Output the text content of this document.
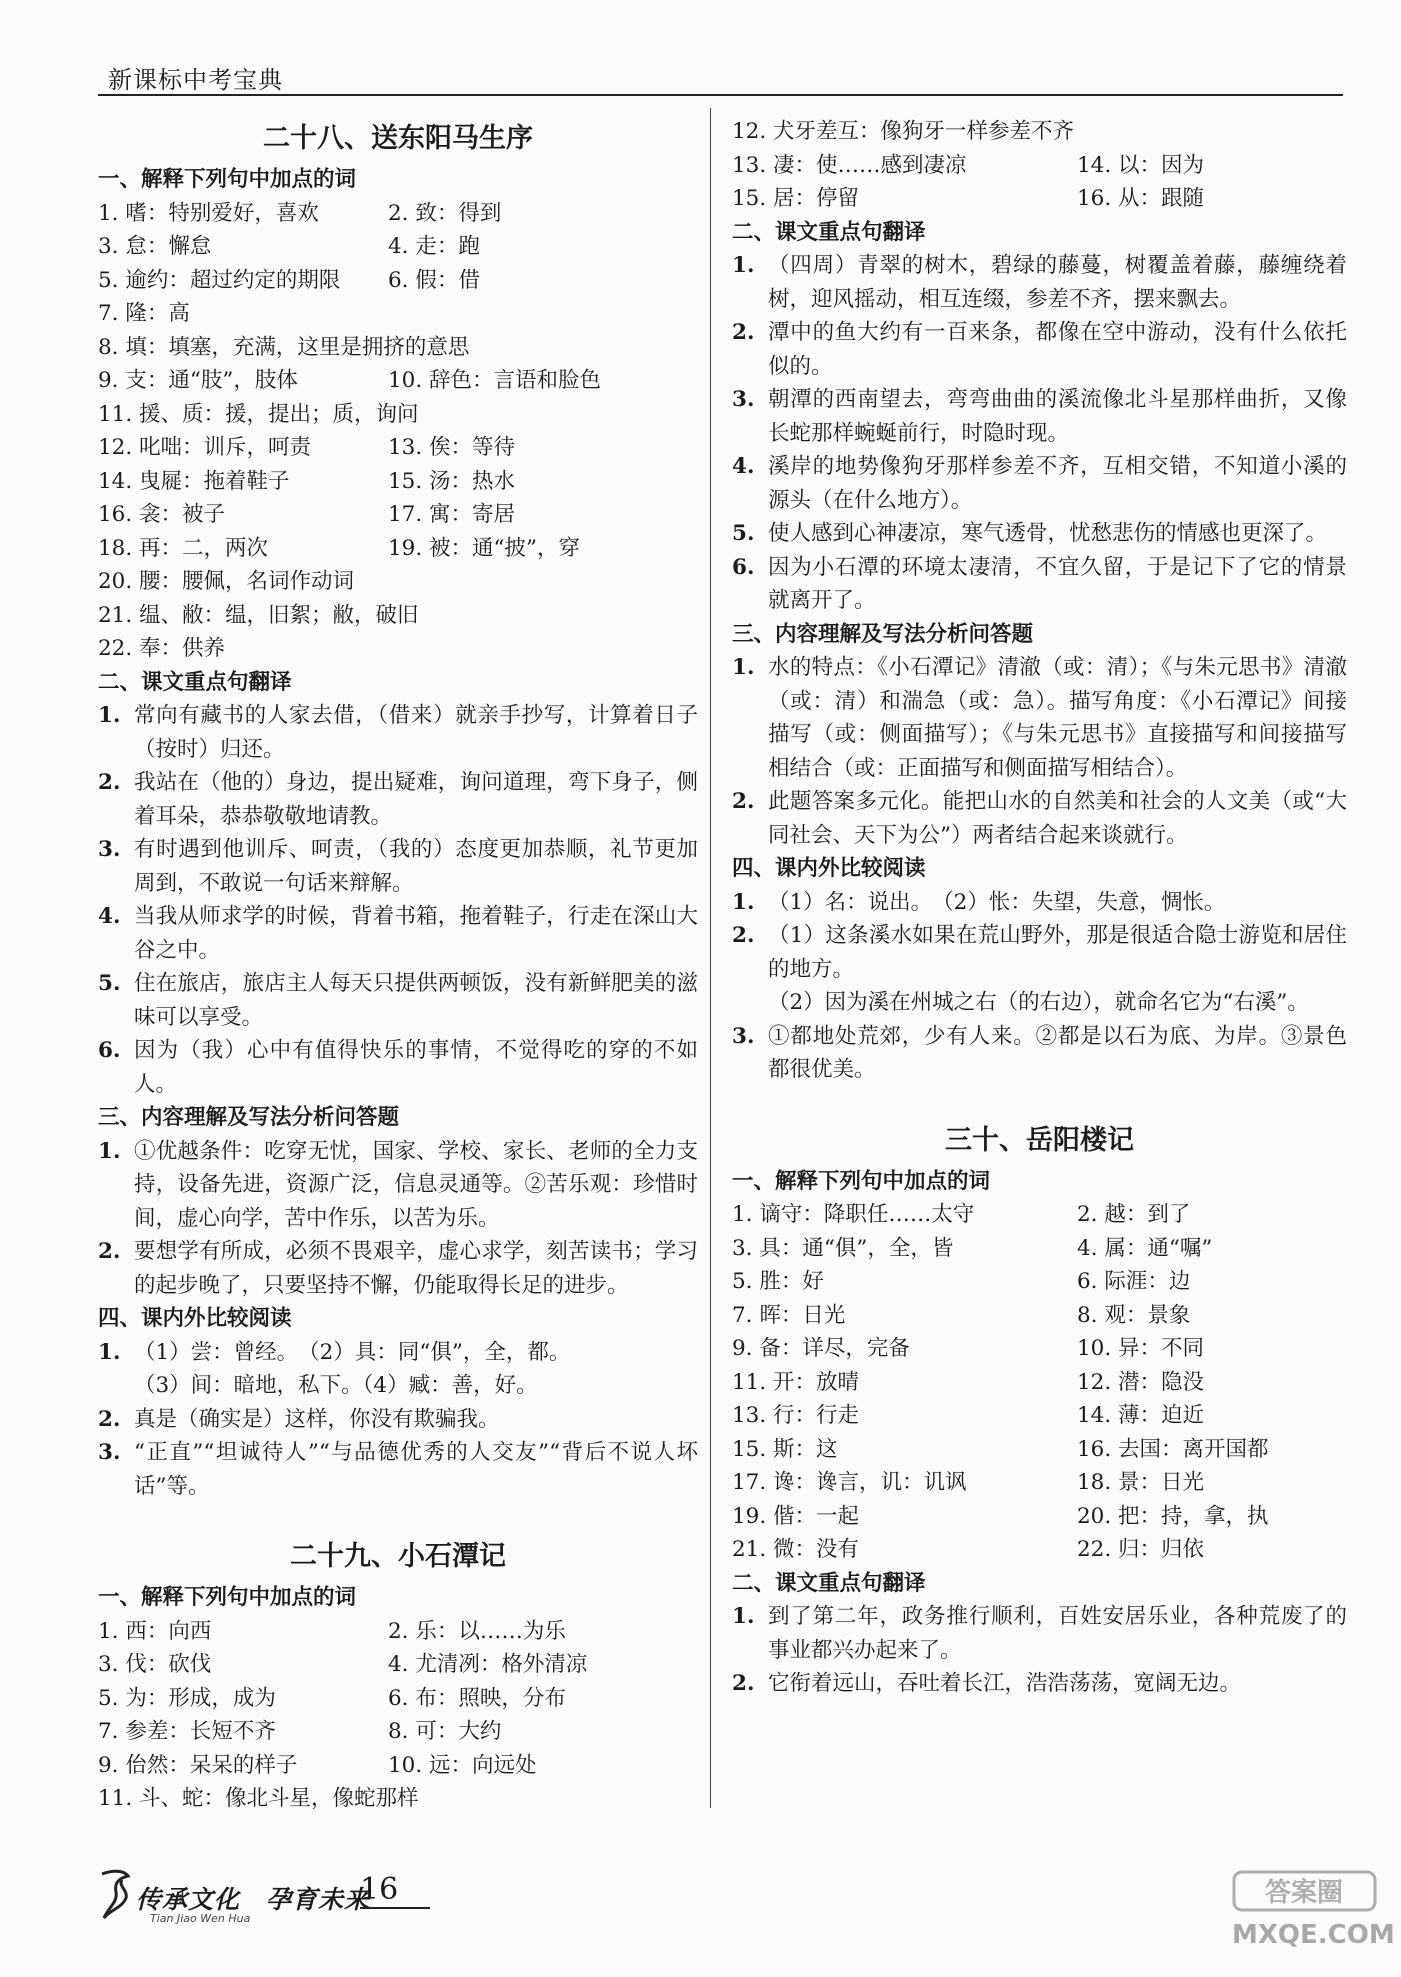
新课标中考宝典
二十八、送东阳马生序
一、解释下列句中加点的词
1. 嗜：特别爱好，喜欢	2. 致：得到
3. 怠：懈怠	4. 走：跑
5. 逾约：超过约定的期限	6. 假：借
7. 隆：高
8. 填：填塞，充满，这里是拥挤的意思
9. 支：通“肢”，肢体	10. 辞色：言语和脸色
11. 援、质：援，提出；质，询问
12. 叱咄：训斥，呵责	13. 俟：等待
14. 曳屣：拖着鞋子	15. 汤：热水
16. 衾：被子	17. 寓：寄居
18. 再：二，两次	19. 被：通“披”，穿
20. 腰：腰佩，名词作动词
21. 缊、敝：缊，旧絮；敝，破旧
22. 奉：供养
二、课文重点句翻译
1. 常向有藏书的人家去借，（借来）就亲手抄写，计算着日子（按时）归还。
2. 我站在（他的）身边，提出疑难，询问道理，弯下身子，侧着耳朵，恭恭敬敬地请教。
3. 有时遇到他训斥、呵责，（我的）态度更加恭顺，礼节更加周到，不敢说一句话来辩解。
4. 当我从师求学的时候，背着书箱，拖着鞋子，行走在深山大谷之中。
5. 住在旅店，旅店主人每天只提供两顿饭，没有新鲜肥美的滋味可以享受。
6. 因为（我）心中有值得快乐的事情，不觉得吃的穿的不如人。
三、内容理解及写法分析问答题
1. ①优越条件：吃穿无忧，国家、学校、家长、老师的全力支持，设备先进，资源广泛，信息灵通等。②苦乐观：珍惜时间，虚心向学，苦中作乐，以苦为乐。
2. 要想学有所成，必须不畏艰辛，虚心求学，刻苦读书；学习的起步晚了，只要坚持不懈，仍能取得长足的进步。
四、课内外比较阅读
1. （1）尝：曾经。　（2）具：同“俱”，全，都。
（3）间：暗地，私下。（4）臧：善，好。
2. 真是（确实是）这样，你没有欺骗我。
3. “正直”“坦诚待人”“与品德优秀的人交友”“背后不说人坏话”等。
二十九、小石潭记
一、解释下列句中加点的词
1. 西：向西	2. 乐：以……为乐
3. 伐：砍伐	4. 尤清冽：格外清凉
5. 为：形成，成为	6. 布：照映，分布
7. 参差：长短不齐	8. 可：大约
9. 佁然：呆呆的样子	10. 远：向远处
11. 斗、蛇：像北斗星，像蛇那样
12. 犬牙差互：像狗牙一样参差不齐
13. 凄：使……感到凄凉	14. 以：因为
15. 居：停留	16. 从：跟随
二、课文重点句翻译
1. （四周）青翠的树木，碧绿的藤蔓，树覆盖着藤，藤缠绕着树，迎风摇动，相互连缀，参差不齐，摆来飘去。
2. 潭中的鱼大约有一百来条，都像在空中游动，没有什么依托似的。
3. 朝潭的西南望去，弯弯曲曲的溪流像北斗星那样曲折，又像长蛇那样蜿蜒前行，时隐时现。
4. 溪岸的地势像狗牙那样参差不齐，互相交错，不知道小溪的源头（在什么地方）。
5. 使人感到心神凄凉，寒气透骨，忧愁悲伤的情感也更深了。
6. 因为小石潭的环境太凄清，不宜久留，于是记下了它的情景就离开了。
三、内容理解及写法分析问答题
1. 水的特点：《小石潭记》清澈（或：清）；《与朱元思书》清澈（或：清）和湍急（或：急）。描写角度：《小石潭记》间接描写（或：侧面描写）；《与朱元思书》直接描写和间接描写相结合（或：正面描写和侧面描写相结合）。
2. 此题答案多元化。能把山水的自然美和社会的人文美（或“大同社会、天下为公”）两者结合起来谈就行。
四、课内外比较阅读
1. （1）名：说出。　（2）怅：失望，失意，惆怅。
2. （1）这条溪水如果在荒山野外，那是很适合隐士游览和居住的地方。
（2）因为溪在州城之右（的右边），就命名它为“右溪”。
3. ①都地处荒郊，少有人来。②都是以石为底、为岸。③景色都很优美。
三十、岳阳楼记
一、解释下列句中加点的词
1. 谪守：降职任……太守	2. 越：到了
3. 具：通“俱”，全，皆	4. 属：通“嘱”
5. 胜：好	6. 际涯：边
7. 晖：日光	8. 观：景象
9. 备：详尽，完备	10. 异：不同
11. 开：放晴	12. 潜：隐没
13. 行：行走	14. 薄：迫近
15. 斯：这	16. 去国：离开国都
17. 谗：谗言，讥：讥讽	18. 景：日光
19. 偕：一起	20. 把：持，拿，执
21. 微：没有	22. 归：归依
二、课文重点句翻译
1. 到了第二年，政务推行顺利，百姓安居乐业，各种荒废了的事业都兴办起来了。
2. 它衔着远山，吞吐着长江，浩浩荡荡，宽阔无边。
传承文化　孕育未来
Tian Jiao Wen Hua
16	答案圈
MXQE.COM
